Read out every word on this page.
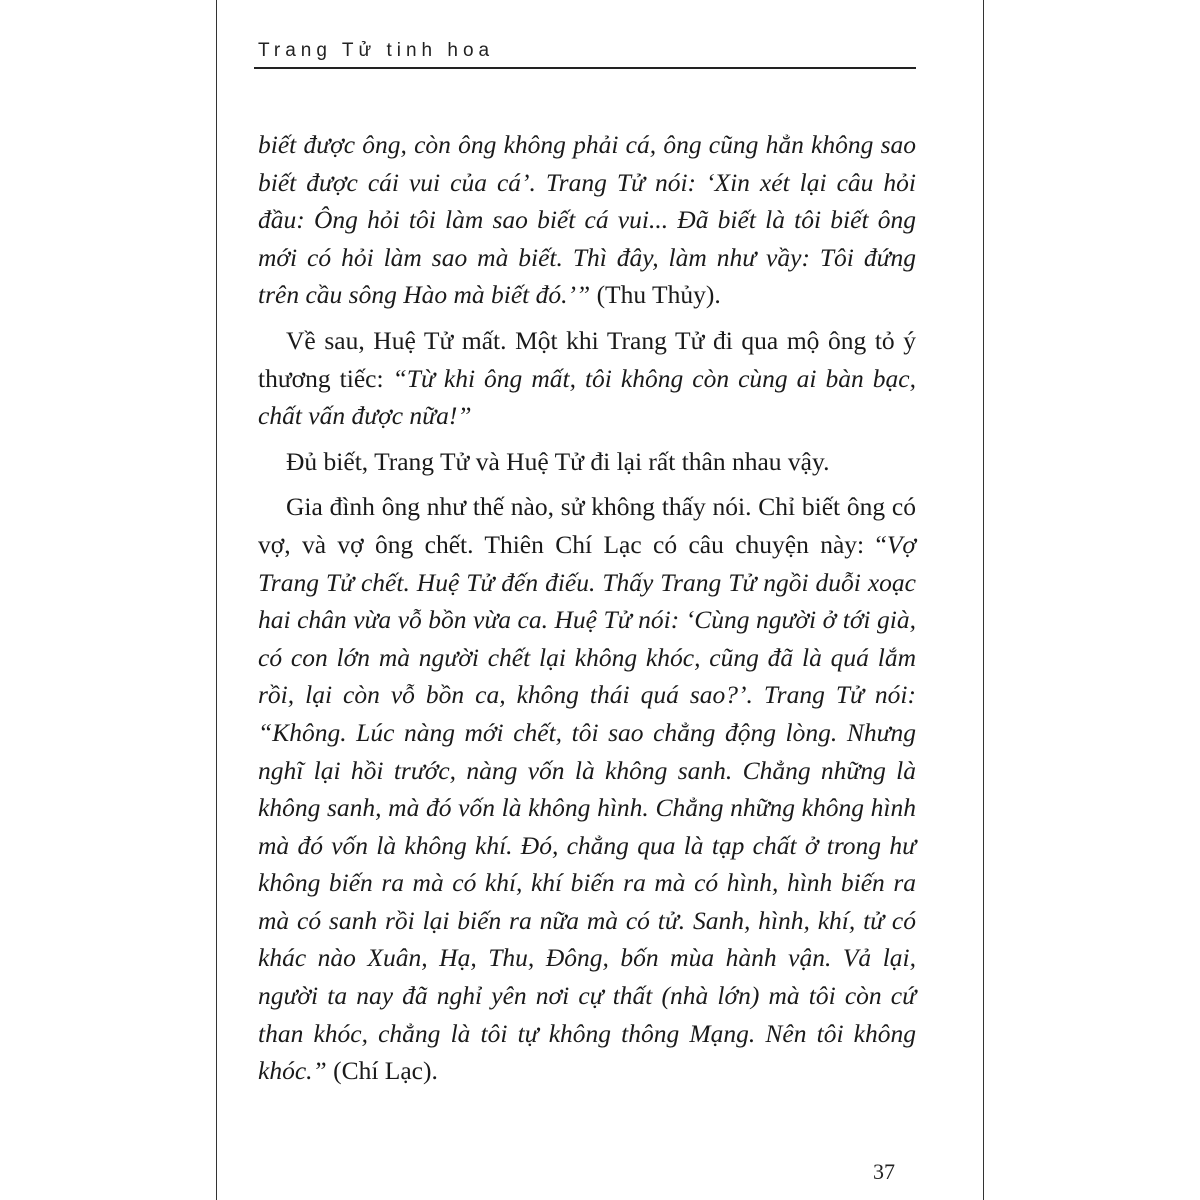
Trang Tử tinh hoa

biết được ông, còn ông không phải cá, ông cũng hẳn không sao biết được cái vui của cá’. Trang Tử nói: ‘Xin xét lại câu hỏi đầu: Ông hỏi tôi làm sao biết cá vui... Đã biết là tôi biết ông mới có hỏi làm sao mà biết. Thì đây, làm như vầy: Tôi đứng trên cầu sông Hào mà biết đó.’” (Thu Thủy).

Về sau, Huệ Tử mất. Một khi Trang Tử đi qua mộ ông tỏ ý thương tiếc: “Từ khi ông mất, tôi không còn cùng ai bàn bạc, chất vấn được nữa!”

Đủ biết, Trang Tử và Huệ Tử đi lại rất thân nhau vậy.

Gia đình ông như thế nào, sử không thấy nói. Chỉ biết ông có vợ, và vợ ông chết. Thiên Chí Lạc có câu chuyện này: “Vợ Trang Tử chết. Huệ Tử đến điếu. Thấy Trang Tử ngồi duỗi xoạc hai chân vừa vỗ bồn vừa ca. Huệ Tử nói: ‘Cùng người ở tới già, có con lớn mà người chết lại không khóc, cũng đã là quá lắm rồi, lại còn vỗ bồn ca, không thái quá sao?’. Trang Tử nói: “Không. Lúc nàng mới chết, tôi sao chẳng động lòng. Nhưng nghĩ lại hồi trước, nàng vốn là không sanh. Chẳng những là không sanh, mà đó vốn là không hình. Chẳng những không hình mà đó vốn là không khí. Đó, chẳng qua là tạp chất ở trong hư không biến ra mà có khí, khí biến ra mà có hình, hình biến ra mà có sanh rồi lại biến ra nữa mà có tử. Sanh, hình, khí, tử có khác nào Xuân, Hạ, Thu, Đông, bốn mùa hành vận. Vả lại, người ta nay đã nghỉ yên nơi cự thất (nhà lớn) mà tôi còn cứ than khóc, chẳng là tôi tự không thông Mạng. Nên tôi không khóc.” (Chí Lạc).

37
